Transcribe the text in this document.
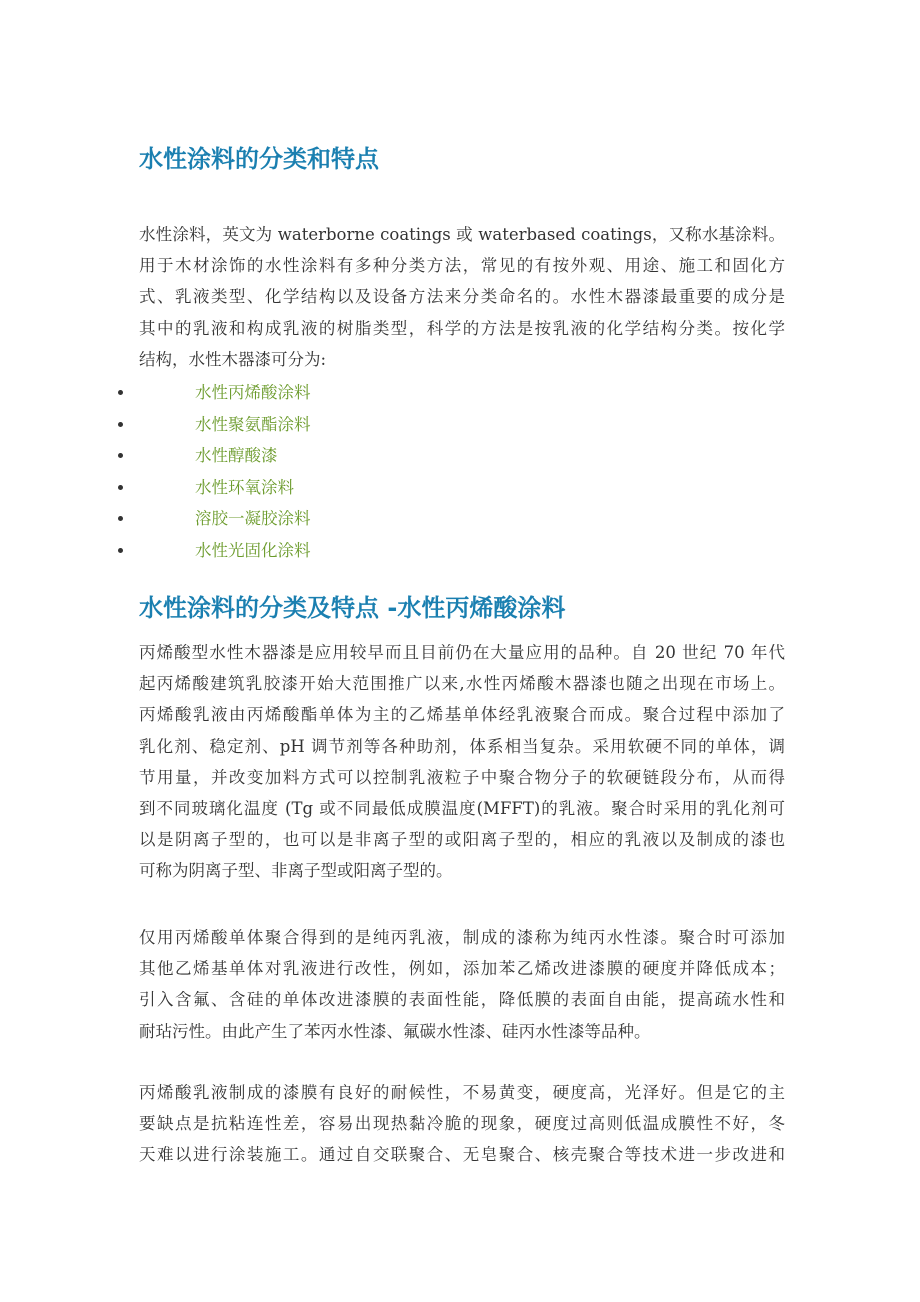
水性涂料的分类和特点
水性涂料，英文为 waterborne coatings 或 waterbased coatings，又称水基涂料。
用于木材涂饰的水性涂料有多种分类方法，常见的有按外观、用途、施工和固化方
式、乳液类型、化学结构以及设备方法来分类命名的。水性木器漆最重要的成分是
其中的乳液和构成乳液的树脂类型，科学的方法是按乳液的化学结构分类。按化学
结构，水性木器漆可分为:
水性丙烯酸涂料
水性聚氨酯涂料
水性醇酸漆
水性环氧涂料
溶胶一凝胶涂料
水性光固化涂料
水性涂料的分类及特点 -水性丙烯酸涂料
丙烯酸型水性木器漆是应用较早而且目前仍在大量应用的品种。自 20 世纪 70 年代
起丙烯酸建筑乳胶漆开始大范围推广以来,水性丙烯酸木器漆也随之出现在市场上。
丙烯酸乳液由丙烯酸酯单体为主的乙烯基单体经乳液聚合而成。聚合过程中添加了
乳化剂、稳定剂、pH 调节剂等各种助剂，体系相当复杂。采用软硬不同的单体，调
节用量，并改变加料方式可以控制乳液粒子中聚合物分子的软硬链段分布，从而得
到不同玻璃化温度 (Tg 或不同最低成膜温度(MFFT)的乳液。聚合时采用的乳化剂可
以是阴离子型的，也可以是非离子型的或阳离子型的，相应的乳液以及制成的漆也
可称为阴离子型、非离子型或阳离子型的。
仅用丙烯酸单体聚合得到的是纯丙乳液，制成的漆称为纯丙水性漆。聚合时可添加
其他乙烯基单体对乳液进行改性，例如，添加苯乙烯改进漆膜的硬度并降低成本；
引入含氟、含硅的单体改进漆膜的表面性能，降低膜的表面自由能，提高疏水性和
耐玷污性。由此产生了苯丙水性漆、氟碳水性漆、硅丙水性漆等品种。
丙烯酸乳液制成的漆膜有良好的耐候性，不易黄变，硬度高，光泽好。但是它的主
要缺点是抗粘连性差，容易出现热黏冷脆的现象，硬度过高则低温成膜性不好，冬
天难以进行涂装施工。通过自交联聚合、无皂聚合、核壳聚合等技术进一步改进和
